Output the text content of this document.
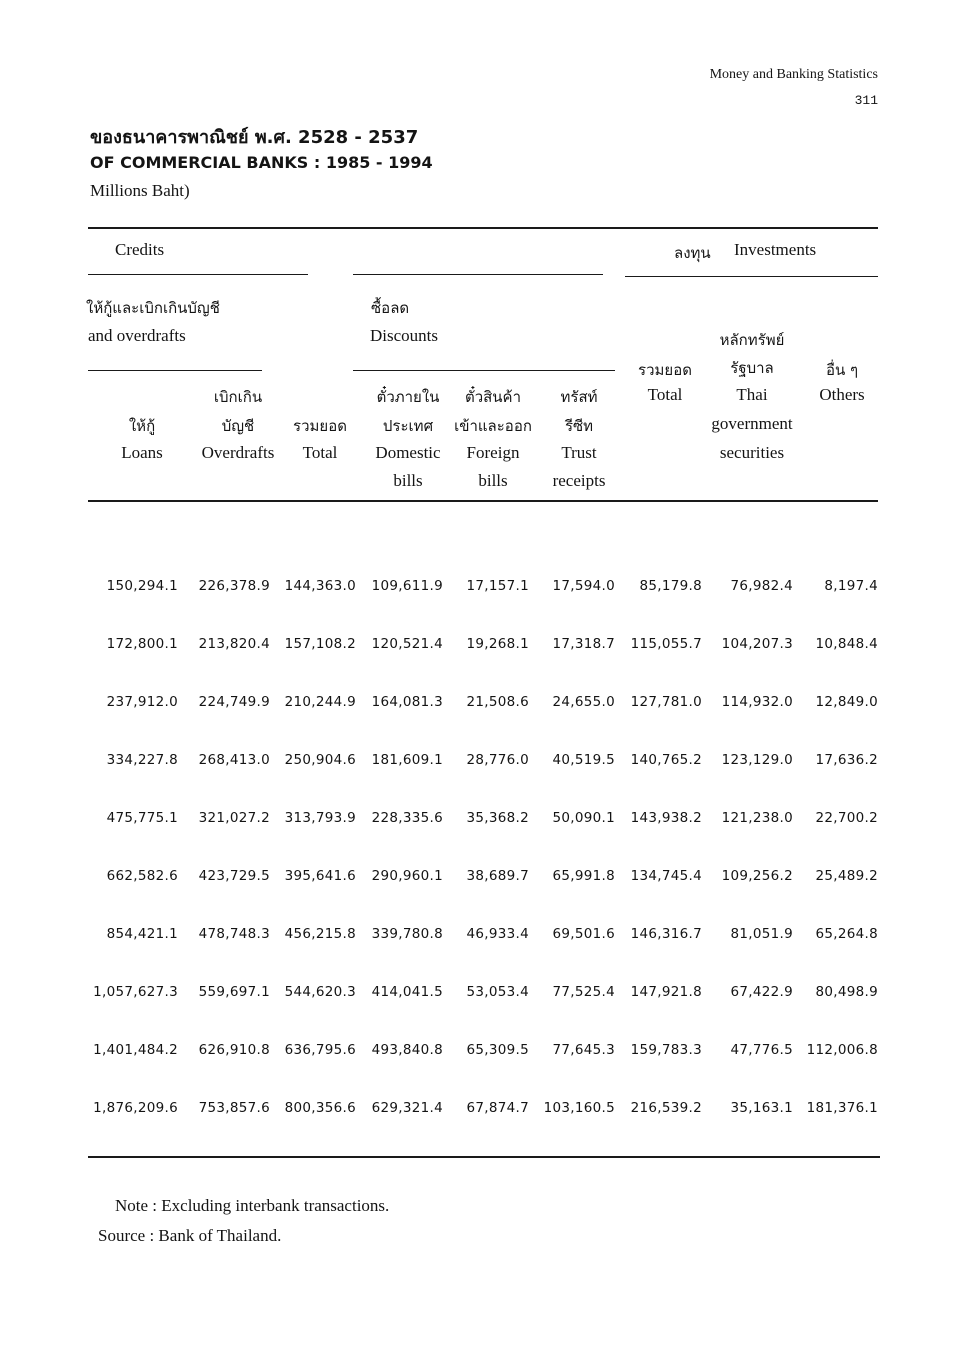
Money and Banking Statistics
311
ของธนาคารพาณิชย์ พ.ศ. 2528 - 2537
OF COMMERCIAL BANKS : 1985 - 1994
Millions Baht)
Credits	ลงทุน Investments
ให้กู้และเบิกเกินบัญชี
and overdrafts
ซื้อลด
Discounts
ให้กู้
Loans
เบิกเกิน
บัญชี
Overdrafts
รวมยอด
Total
ตั๋วภายใน
ประเทศ
Domestic
bills
ตั๋วสินค้า
เข้าและออก
Foreign
bills
ทรัสท์
รีซีท
Trust
receipts
รวมยอด
Total
หลักทรัพย์
รัฐบาล
Thai
government
securities
อื่น ๆ
Others
150,294.1 226,378.9 144,363.0 109,611.9 17,157.1 17,594.0 85,179.8 76,982.4 8,197.4
172,800.1 213,820.4 157,108.2 120,521.4 19,268.1 17,318.7 115,055.7 104,207.3 10,848.4
237,912.0 224,749.9 210,244.9 164,081.3 21,508.6 24,655.0 127,781.0 114,932.0 12,849.0
334,227.8 268,413.0 250,904.6 181,609.1 28,776.0 40,519.5 140,765.2 123,129.0 17,636.2
475,775.1 321,027.2 313,793.9 228,335.6 35,368.2 50,090.1 143,938.2 121,238.0 22,700.2
662,582.6 423,729.5 395,641.6 290,960.1 38,689.7 65,991.8 134,745.4 109,256.2 25,489.2
854,421.1 478,748.3 456,215.8 339,780.8 46,933.4 69,501.6 146,316.7 81,051.9 65,264.8
1,057,627.3 559,697.1 544,620.3 414,041.5 53,053.4 77,525.4 147,921.8 67,422.9 80,498.9
1,401,484.2 626,910.8 636,795.6 493,840.8 65,309.5 77,645.3 159,783.3 47,776.5 112,006.8
1,876,209.6 753,857.6 800,356.6 629,321.4 67,874.7 103,160.5 216,539.2 35,163.1 181,376.1
Note : Excluding interbank transactions.
Source : Bank of Thailand.
